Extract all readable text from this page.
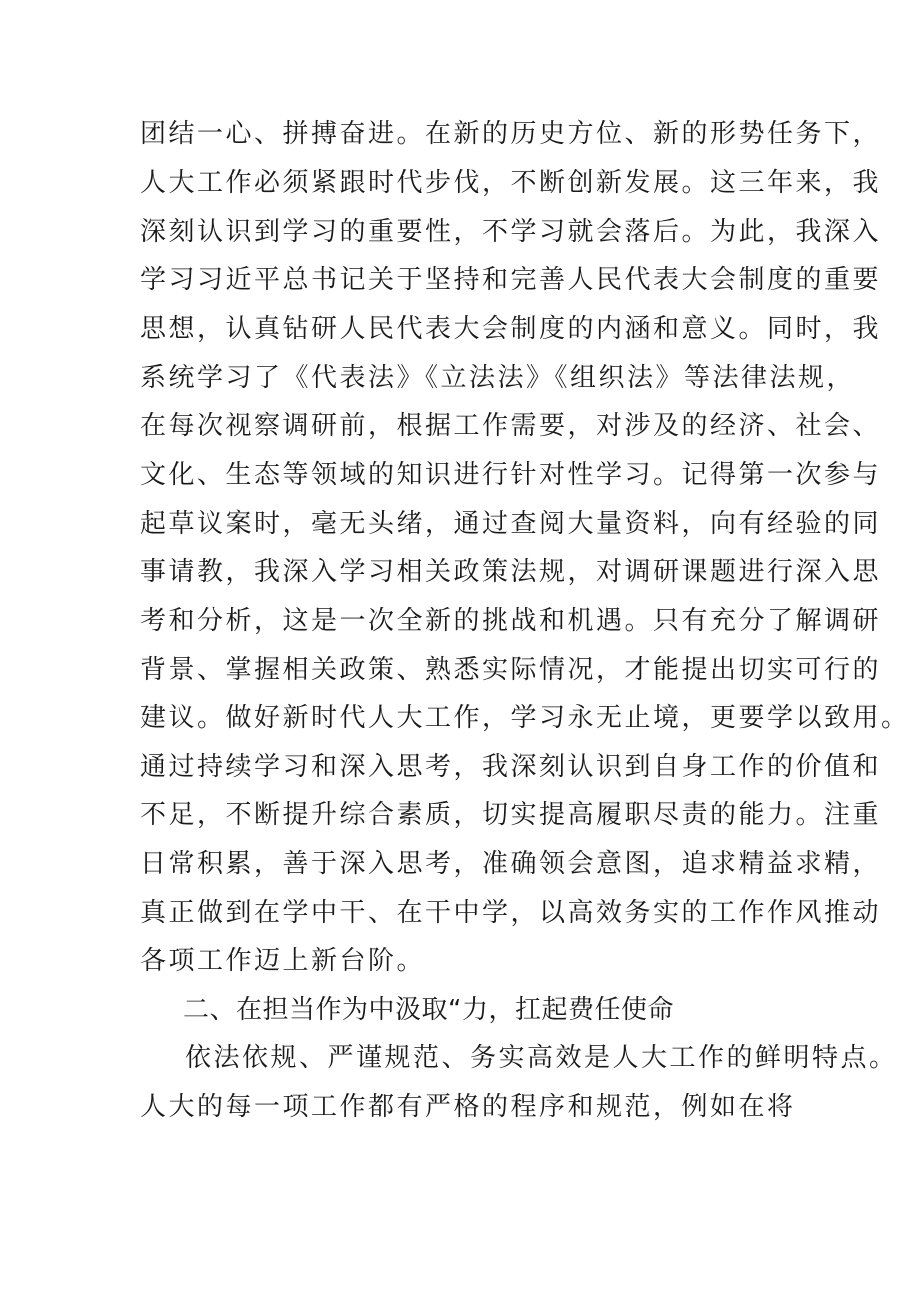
团结一心、拼搏奋进。在新的历史方位、新的形势任务下，
人大工作必须紧跟时代步伐，不断创新发展。这三年来，我
深刻认识到学习的重要性，不学习就会落后。为此，我深入
学习习近平总书记关于坚持和完善人民代表大会制度的重要
思想，认真钻研人民代表大会制度的内涵和意义。同时，我
系统学习了《代表法》《立法法》《组织法》等法律法规，
在每次视察调研前，根据工作需要，对涉及的经济、社会、
文化、生态等领域的知识进行针对性学习。记得第一次参与
起草议案时，毫无头绪，通过查阅大量资料，向有经验的同
事请教，我深入学习相关政策法规，对调研课题进行深入思
考和分析，这是一次全新的挑战和机遇。只有充分了解调研
背景、掌握相关政策、熟悉实际情况，才能提出切实可行的
建议。做好新时代人大工作，学习永无止境，更要学以致用。
通过持续学习和深入思考，我深刻认识到自身工作的价值和
不足，不断提升综合素质，切实提高履职尽责的能力。注重
日常积累，善于深入思考，准确领会意图，追求精益求精，
真正做到在学中干、在干中学，以高效务实的工作作风推动
各项工作迈上新台阶。
二、在担当作为中汲取“力，扛起费任使命
依法依规、严谨规范、务实高效是人大工作的鲜明特点。
人大的每一项工作都有严格的程序和规范，例如在将
